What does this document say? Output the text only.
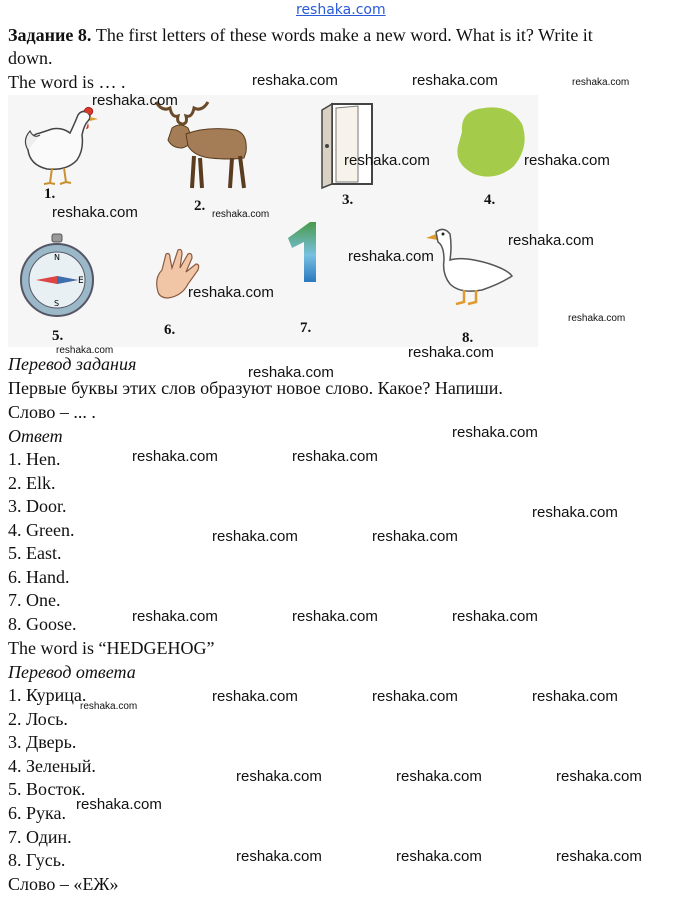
reshaka.com
Задание 8. The first letters of these words make a new word. What is it? Write it
down.
The word is … .
1.
2.	3.	4.
N
E
S
5.	6.	7.
8.
Перевод задания
Первые буквы этих слов образуют новое слово. Какое? Напиши.
Слово – ... .
Ответ
1. Hen.
2. Elk.
3. Door.
4. Green.
5. East.
6. Hand.
7. One.
8. Goose.
The word is “HEDGEHOG”
Перевод ответа
1. Курица.
2. Лось.
3. Дверь.
4. Зеленый.
5. Восток.
6. Рука.
7. Один.
8. Гусь.
Слово – «ЕЖ»
reshaka.com	reshaka.com	reshaka.com
reshaka.com
reshaka.com	reshaka.com
reshaka.com	reshaka.com
reshaka.com
reshaka.com
reshaka.com
reshaka.com
reshaka.com	reshaka.com
reshaka.com
reshaka.com
reshaka.com	reshaka.com
reshaka.com
reshaka.com	reshaka.com
reshaka.com	reshaka.com	reshaka.com
reshaka.com	reshaka.com	reshaka.com
reshaka.com
reshaka.com	reshaka.com	reshaka.com
reshaka.com
reshaka.com	reshaka.com	reshaka.com
